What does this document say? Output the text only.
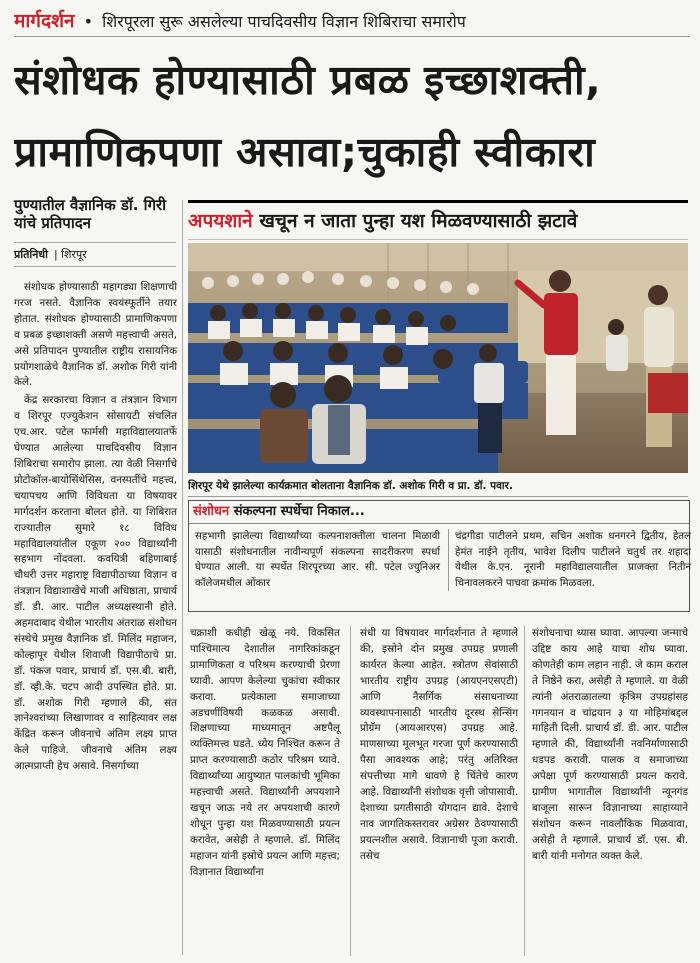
मार्गदर्शन • शिरपूरला सुरू असलेल्या पाचदिवसीय विज्ञान शिबिराचा समारोप
संशोधक होण्यासाठी प्रबळ इच्छाशक्ती,
प्रामाणिकपणा असावा;चुकाही स्वीकारा
पुण्यातील वैज्ञानिक डॉ. गिरी यांचे प्रतिपादन
प्रतिनिधी | शिरपूर

संशोधक होण्यासाठी महागड्या शिक्षणाची गरज नसते. वैज्ञानिक स्वयंस्फूर्तीने तयार होतात. संशोधक होण्यासाठी प्रामाणिकपणा व प्रबळ इच्छाशक्ती असणे महत्त्वाची असते, असे प्रतिपादन पुण्यातील राष्ट्रीय रासायनिक प्रयोगशाळेचे वैज्ञानिक डॉ. अशोक गिरी यांनी केले.

केंद्र सरकारचा विज्ञान व तंत्रज्ञान विभाग व शिरपूर एज्युकेशन सोसायटी संचलित एच.आर. पटेल फार्मसी महाविद्यालयातर्फे घेण्यात आलेल्या पाचदिवसीय विज्ञान शिबिराचा समारोप झाला. त्या वेळी निसर्गाचे प्रोटोकॉल-बायोसिंथेसिस, वनस्पतींचे महत्त्व, चयापचय आणि विविधता या विषयावर मार्गदर्शन करताना बोलत होते. या शिबिरात राज्यातील सुमारे १८ विविध महाविद्यालयांतील एकूण २०० विद्यार्थ्यांनी सहभाग नोंदवला. कवयित्री बहिणाबाई चौधरी उत्तर महाराष्ट्र विद्यापीठाच्या विज्ञान व तंत्रज्ञान विद्याशाखेचे माजी अधिष्ठाता, प्राचार्य डॉ. डी. आर. पाटील अध्यक्षस्थानी होते. अहमदाबाद येथील भारतीय अंतराळ संशोधन संस्थेचे प्रमुख वैज्ञानिक डॉ. मिलिंद महाजन, कोल्हापूर येथील शिवाजी विद्यापीठाचे प्रा. डॉ. पंकज पवार, प्राचार्य डॉ. एस.बी. बारी, डॉ. व्ही.के. चटप आदी उपस्थित होते. प्रा. डॉ. अशोक गिरी म्हणाले की, संत ज्ञानेश्वरांच्या लिखाणावर व साहित्यावर लक्ष केंद्रित करून जीवनाचे अंतिम लक्ष्य प्राप्त केले पाहिजे. जीवनाचे अंतिम लक्ष्य आत्मप्राप्ती हेच असावे. निसर्गाच्या

अपयशाने खचून न जाता पुन्हा यश मिळवण्यासाठी झटावे
शिरपूर येथे झालेल्या कार्यक्रमात बोलताना वैज्ञानिक डॉ. अशोक गिरी व प्रा. डॉ. पवार.
संशोधन संकल्पना स्पर्धेचा निकाल...
सहभागी झालेल्या विद्यार्थ्यांच्या कल्पनाशक्तीला चालना मिळावी यासाठी संशोधनातील नावीन्यपूर्ण संकल्पना सादरीकरण स्पर्धा घेण्यात आली. या स्पर्धेत शिरपूरच्या आर. सी. पटेल ज्युनिअर कॉलेजमधील ओंकार
चंद्रगीडा पाटीलने प्रथम, सचिन अशोक धनगरने द्वितीय, हेतल हेमंत नाईने तृतीय, भावेश दिलीप पाटीलने चतुर्थ तर शहादा येथील के.एन. नूरानी महाविद्यालयातील प्राजक्ता नितीन चिनावलकरने पाचवा क्रमांक मिळवला.
चक्राशी कधीही खेळू नये. विकसित पाश्चिमात्य देशातील नागरिकांकडून प्रामाणिकता व परिश्रम करण्याची प्रेरणा घ्यावी. आपण केलेल्या चुकांचा स्वीकार करावा. प्रत्येकाला समाजाच्या अडचणींविषयी कळकळ असावी. शिक्षणाच्या माध्यमातून अष्टपैलू व्यक्तिमत्त्व घडते. ध्येय निश्चित करून ते प्राप्त करण्यासाठी कठोर परिश्रम घ्यावे. विद्यार्थ्यांच्या आयुष्यात पालकांची भूमिका महत्त्वाची असते. विद्यार्थ्यांनी अपयशाने खचून जाऊ नये तर अपयशाची कारणे शोधून पुन्हा यश मिळवण्यासाठी प्रयत्न करावेत, असेही ते म्हणाले. डॉ. मिलिंद महाजन यांनी इस्रोचे प्रयत्न आणि महत्त्व; विज्ञानात विद्यार्थ्यांना
संधी या विषयावर मार्गदर्शनात ते म्हणाले की, इस्रोने दोन प्रमुख उपग्रह प्रणाली कार्यरत केल्या आहेत. स्त्रोतण सेवांसाठी भारतीय राष्ट्रीय उपग्रह (आयएनएसएटी) आणि नैसर्गिक संसाधनाच्या व्यवस्थापनासाठी भारतीय दूरस्थ सेन्सिंग प्रोग्रॅम (आयआरएस) उपग्रह आहे. माणसाच्या मूलभूत गरजा पूर्ण करण्यासाठी पैसा आवश्यक आहे; परंतु अतिरिक्त संपत्तीच्या मागे धावणे हे चिंतेचे कारण आहे. विद्यार्थ्यांनी संशोधक वृत्ती जोपासावी. देशाच्या प्रगतीसाठी योगदान द्यावे. देशाचे नाव जागतिकस्तरावर अग्रेसर ठेवण्यासाठी प्रयत्नशील असावे. विज्ञानाची पूजा करावी. तसेच
संशोधनाचा ध्यास घ्यावा. आपल्या जन्माचे उद्दिष्ट काय आहे याचा शोध घ्यावा. कोणतेही काम लहान नाही. जे काम कराल ते निष्ठेने करा, असेही ते म्हणाले. या वेळी त्यांनी अंतराळातल्या कृत्रिम उपग्रहांसह गगनयान व चांद्रयान ३ या मोहिमांबद्दल माहिती दिली. प्राचार्य डॉ. डी. आर. पाटील म्हणाले की, विद्यार्थ्यांनी नवनिर्माणासाठी धडपड करावी. पालक व समाजाच्या अपेक्षा पूर्ण करण्यासाठी प्रयत्न करावे. ग्रामीण भागातील विद्यार्थ्यांनी न्यूनगंड बाजूला सारून विज्ञानाच्या साहाय्याने संशोधन करून नावलौकिक मिळवावा, असेही ते म्हणाले. प्राचार्य डॉ. एस. बी. बारी यांनी मनोगत व्यक्त केले.
